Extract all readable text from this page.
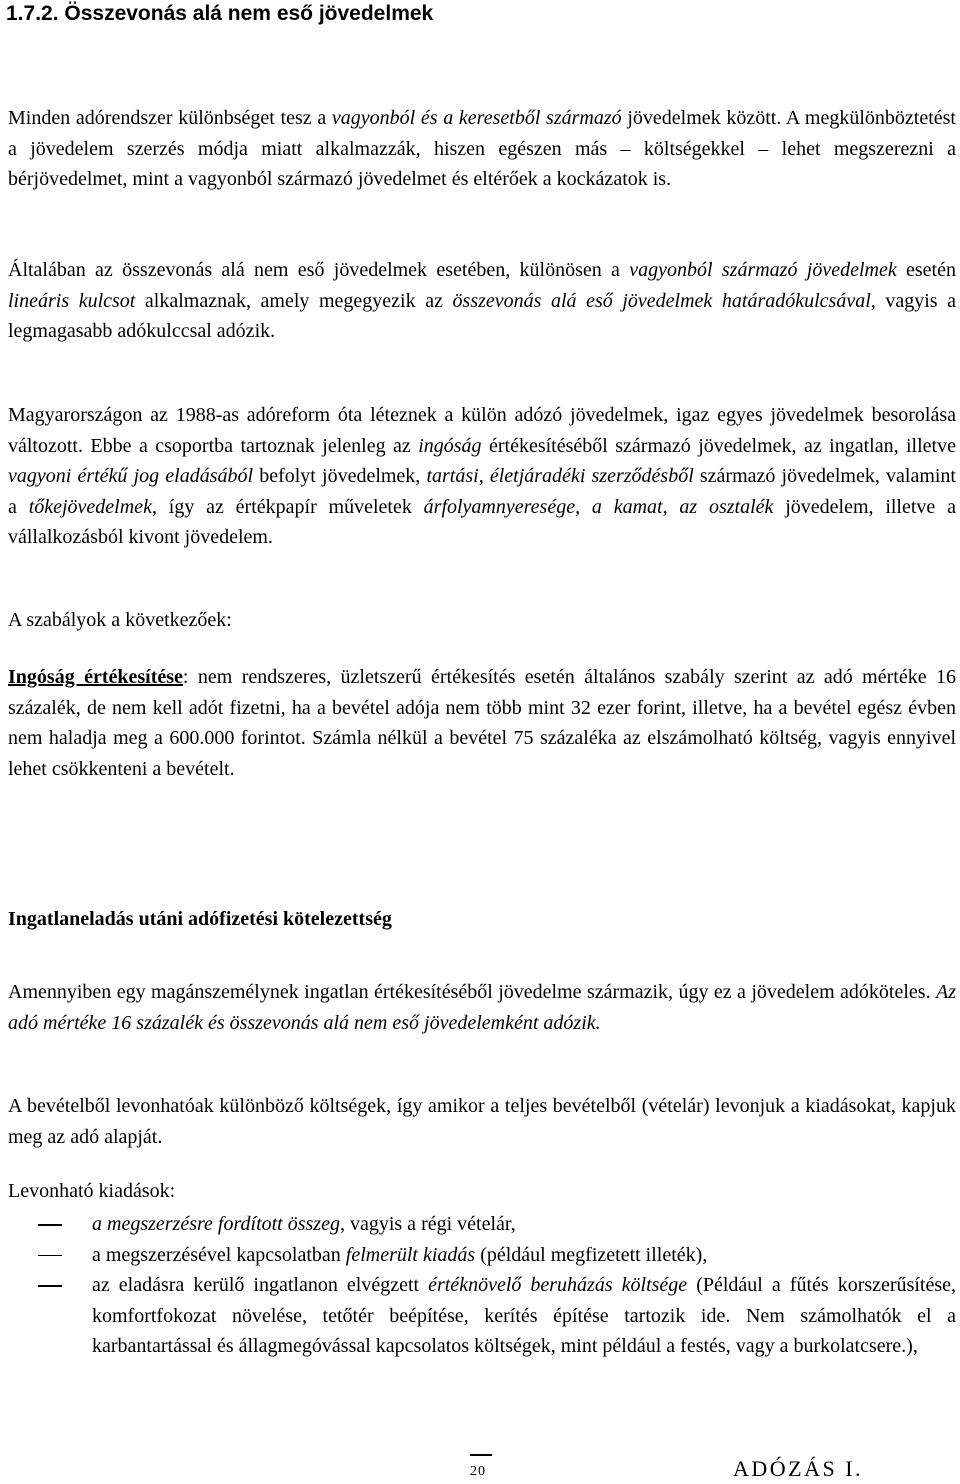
1.7.2. Összevonás alá nem eső jövedelmek

Minden adórendszer különbséget tesz a vagyonból és a keresetből származó jövedelmek között. A megkülönböztetést a jövedelem szerzés módja miatt alkalmazzák, hiszen egészen más – költségekkel – lehet megszerezni a bérjövedelmet, mint a vagyonból származó jövedelmet és eltérőek a kockázatok is.

Általában az összevonás alá nem eső jövedelmek esetében, különösen a vagyonból származó jövedelmek esetén lineáris kulcsot alkalmaznak, amely megegyezik az összevonás alá eső jövedelmek határadókulcsával, vagyis a legmagasabb adókulccsal adózik.

Magyarországon az 1988-as adóreform óta léteznek a külön adózó jövedelmek, igaz egyes jövedelmek besorolása változott. Ebbe a csoportba tartoznak jelenleg az ingóság értékesítéséből származó jövedelmek, az ingatlan, illetve vagyoni értékű jog eladásából befolyt jövedelmek, tartási, életjáradéki szerződésből származó jövedelmek, valamint a tőkejövedelmek, így az értékpapír műveletek árfolyamnyeresége, a kamat, az osztalék jövedelem, illetve a vállalkozásból kivont jövedelem.

A szabályok a következőek:

Ingóság értékesítése: nem rendszeres, üzletszerű értékesítés esetén általános szabály szerint az adó mértéke 16 százalék, de nem kell adót fizetni, ha a bevétel adója nem több mint 32 ezer forint, illetve, ha a bevétel egész évben nem haladja meg a 600.000 forintot. Számla nélkül a bevétel 75 százaléka az elszámolható költség, vagyis ennyivel lehet csökkenteni a bevételt.

Ingatlaneladás utáni adófizetési kötelezettség

Amennyiben egy magánszemélynek ingatlan értékesítéséből jövedelme származik, úgy ez a jövedelem adóköteles. Az adó mértéke 16 százalék és összevonás alá nem eső jövedelemként adózik.

A bevételből levonhatóak különböző költségek, így amikor a teljes bevételből (vételár) levonjuk a kiadásokat, kapjuk meg az adó alapját.

Levonható kiadások:

a megszerzésre fordított összeg, vagyis a régi vételár,
a megszerzésével kapcsolatban felmerült kiadás (például megfizetett illeték),
az eladásra kerülő ingatlanon elvégzett értéknövelő beruházás költsége (Például a fűtés korszerűsítése, komfortfokozat növelése, tetőtér beépítése, kerítés építése tartozik ide. Nem számolhatók el a karbantartással és állagmegóvással kapcsolatos költségek, mint például a festés, vagy a burkolatcsere.),
20	ADÓZÁS I.
